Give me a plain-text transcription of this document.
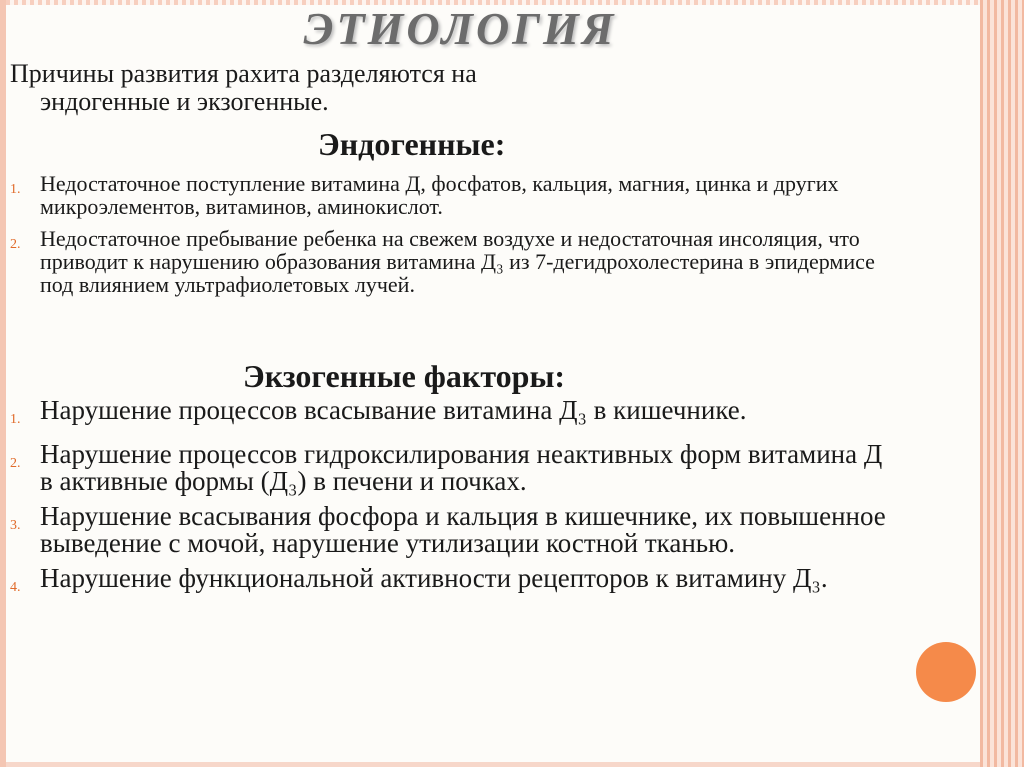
ЭТИОЛОГИЯ
Причины развития рахита разделяются на
эндогенные и экзогенные.
Эндогенные:
1. Недостаточное поступление витамина Д, фосфатов, кальция, магния, цинка и других микроэлементов, витаминов, аминокислот.
2. Недостаточное пребывание ребенка на свежем воздухе и недостаточная инсоляция, что приводит к нарушению образования витамина Д₃ из 7-дегидрохолестерина в эпидермисе под влиянием ультрафиолетовых лучей.
Экзогенные факторы:
1. Нарушение процессов всасывание витамина Д₃ в кишечнике.
2. Нарушение процессов гидроксилирования неактивных форм витамина Д в активные формы (Д₃) в печени и почках.
3. Нарушение всасывания фосфора и кальция в кишечнике, их повышенное выведение с мочой, нарушение утилизации костной тканью.
4. Нарушение функциональной активности рецепторов к витамину Д₃.
